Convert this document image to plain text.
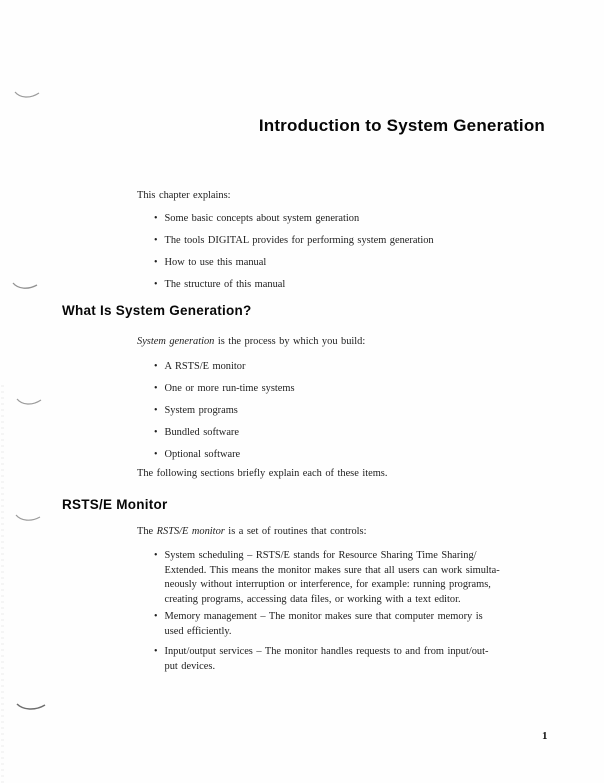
Introduction to System Generation
This chapter explains:
• Some basic concepts about system generation
• The tools DIGITAL provides for performing system generation
• How to use this manual
• The structure of this manual
What Is System Generation?
System generation is the process by which you build:
• A RSTS/E monitor
• One or more run-time systems
• System programs
• Bundled software
• Optional software
The following sections briefly explain each of these items.
RSTS/E Monitor
The RSTS/E monitor is a set of routines that controls:
• System scheduling – RSTS/E stands for Resource Sharing Time Sharing/
Extended. This means the monitor makes sure that all users can work simulta-
neously without interruption or interference, for example: running programs,
creating programs, accessing data files, or working with a text editor.
• Memory management – The monitor makes sure that computer memory is
used efficiently.
• Input/output services – The monitor handles requests to and from input/out-
put devices.
1
